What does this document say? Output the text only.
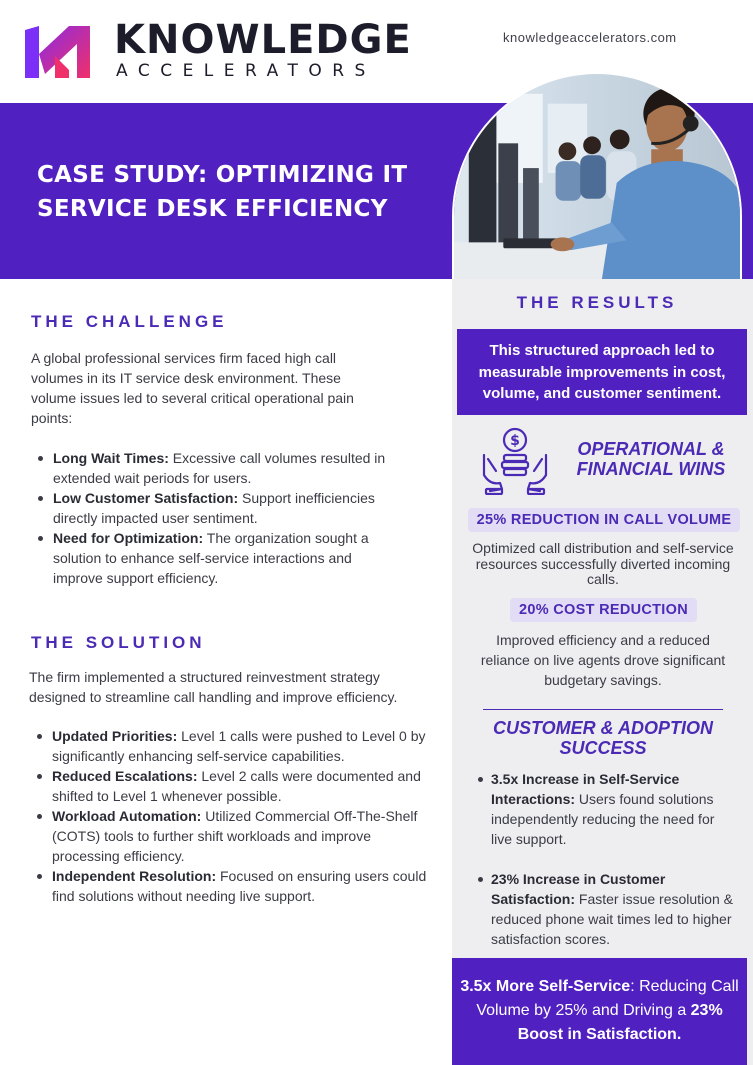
KNOWLEDGE
ACCELERATORS
knowledgeaccelerators.com
CASE STUDY: OPTIMIZING IT SERVICE DESK EFFICIENCY
THE CHALLENGE

A global professional services firm faced high call volumes in its IT service desk environment. These volume issues led to several critical operational pain points:

Long Wait Times: Excessive call volumes resulted in extended wait periods for users.
Low Customer Satisfaction: Support inefficiencies directly impacted user sentiment.
Need for Optimization: The organization sought a solution to enhance self-service interactions and improve support efficiency.
THE SOLUTION

The firm implemented a structured reinvestment strategy designed to streamline call handling and improve efficiency.

Updated Priorities: Level 1 calls were pushed to Level 0 by significantly enhancing self-service capabilities.
Reduced Escalations: Level 2 calls were documented and shifted to Level 1 whenever possible.
Workload Automation: Utilized Commercial Off-The-Shelf (COTS) tools to further shift workloads and improve processing efficiency.
Independent Resolution: Focused on ensuring users could find solutions without needing live support.
THE RESULTS
This structured approach led to measurable improvements in cost, volume, and customer sentiment.
$	OPERATIONAL & FINANCIAL WINS
25% REDUCTION IN CALL VOLUME

Optimized call distribution and self-service resources successfully diverted incoming calls.

20% COST REDUCTION

Improved efficiency and a reduced reliance on live agents drove significant budgetary savings.

CUSTOMER & ADOPTION SUCCESS
3.5x Increase in Self-Service Interactions: Users found solutions independently reducing the need for live support.
23% Increase in Customer Satisfaction: Faster issue resolution & reduced phone wait times led to higher satisfaction scores.
3.5x More Self-Service: Reducing Call Volume by 25% and Driving a 23% Boost in Satisfaction.
